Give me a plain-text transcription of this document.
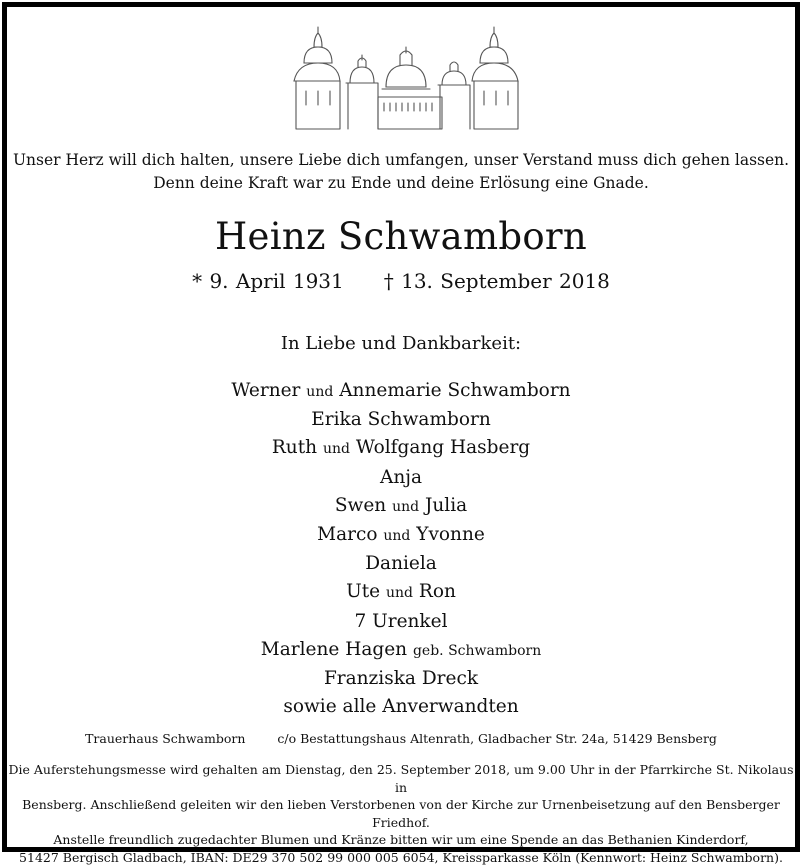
Unser Herz will dich halten, unsere Liebe dich umfangen, unser Verstand muss dich gehen lassen.
Denn deine Kraft war zu Ende und deine Erlösung eine Gnade.
Heinz Schwamborn
* 9. April 1931 † 13. September 2018
In Liebe und Dankbarkeit:
Werner und Annemarie Schwamborn
Erika Schwamborn
Ruth und Wolfgang Hasberg
Anja
Swen und Julia
Marco und Yvonne
Daniela
Ute und Ron
7 Urenkel
Marlene Hagen geb. Schwamborn
Franziska Dreck
sowie alle Anverwandten
Trauerhaus Schwamborn	c/o Bestattungshaus Altenrath, Gladbacher Str. 24a, 51429 Bensberg
Die Auferstehungsmesse wird gehalten am Dienstag, den 25. September 2018, um 9.00 Uhr in der Pfarrkirche St. Nikolaus in
Bensberg. Anschließend geleiten wir den lieben Verstorbenen von der Kirche zur Urnenbeisetzung auf den Bensberger Friedhof.
Anstelle freundlich zugedachter Blumen und Kränze bitten wir um eine Spende an das Bethanien Kinderdorf,
51427 Bergisch Gladbach, IBAN: DE29 370 502 99 000 005 6054, Kreissparkasse Köln (Kennwort: Heinz Schwamborn).
